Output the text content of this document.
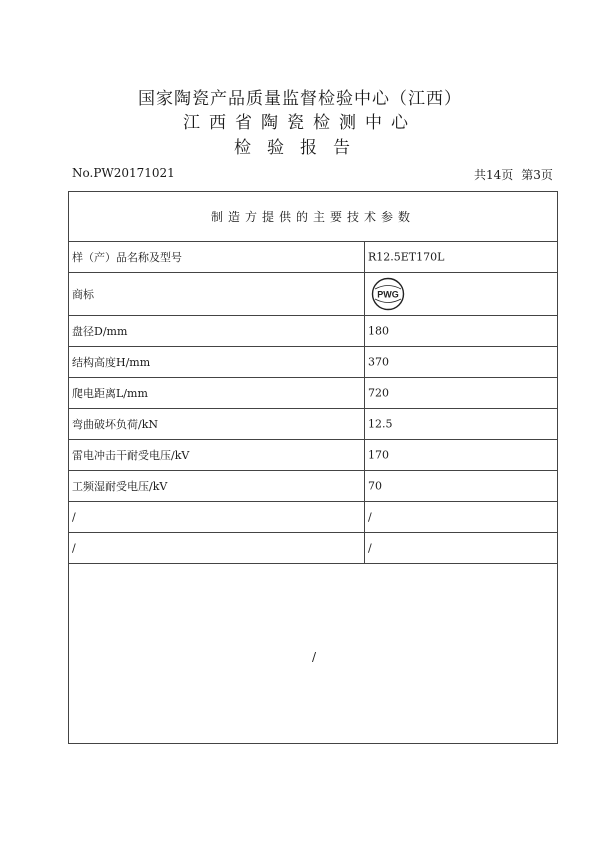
国家陶瓷产品质量监督检验中心（江西）
江西省陶瓷检测中心
检验报告
No.PW20171021	共14页 第3页
制造方提供的主要技术参数
样（产）品名称及型号	R12.5ET170L
商标	PWG
盘径D/mm	180
结构高度H/mm	370
爬电距离L/mm	720
弯曲破坏负荷/kN	12.5
雷电冲击干耐受电压/kV	170
工频湿耐受电压/kV	70
/	/
/	/
/
